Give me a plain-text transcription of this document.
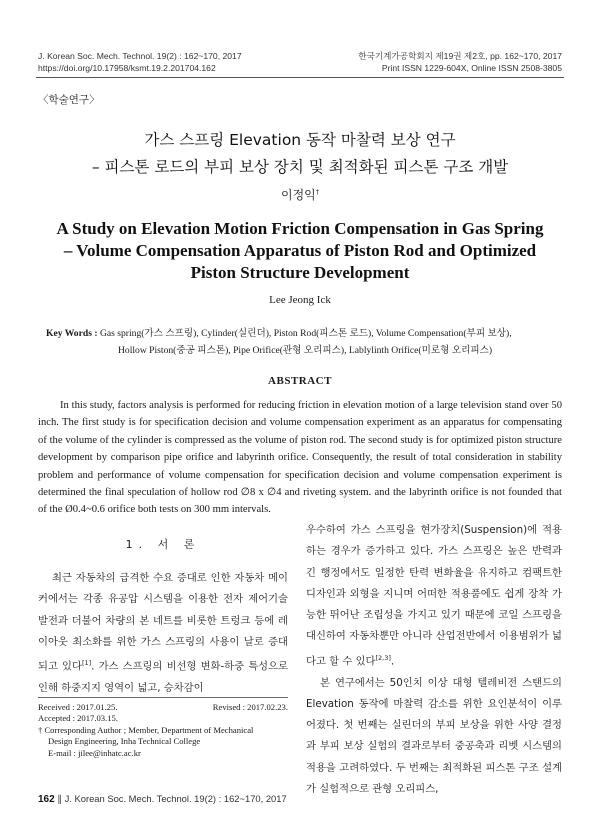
J. Korean Soc. Mech. Technol. 19(2) : 162~170, 2017
https://doi.org/10.17958/ksmt.19.2.201704.162
한국기계가공학회지 제19권 제2호, pp. 162~170, 2017
Print ISSN 1229-604X, Online ISSN 2508-3805
〈학술연구〉
가스 스프링 Elevation 동작 마찰력 보상 연구
– 피스톤 로드의 부피 보상 장치 및 최적화된 피스톤 구조 개발
이정익†
A Study on Elevation Motion Friction Compensation in Gas Spring
– Volume Compensation Apparatus of Piston Rod and Optimized
Piston Structure Development
Lee Jeong Ick
Key Words : Gas spring(가스 스프링), Cylinder(실린더), Piston Rod(피스톤 로드), Volume Compensation(부피 보상),
Hollow Piston(중공 피스톤), Pipe Orifice(관형 오리피스), Lablylinth Orifice(미로형 오리피스)
ABSTRACT
In this study, factors analysis is performed for reducing friction in elevation motion of a large television stand over 50 inch. The first study is for specification decision and volume compensation experiment as an apparatus for compensating of the volume of the cylinder is compressed as the volume of piston rod. The second study is for optimized piston structure development by comparison pipe orifice and labyrinth orifice. Consequently, the result of total consideration in stability problem and performance of volume compensation for specification decision and volume compensation experiment is determined the final speculation of hollow rod ∅8 x ∅4 and riveting system. and the labyrinth orifice is not founded that of the Ø0.4~0.6 orifice both tests on 300 mm intervals.
1. 서 론
최근 자동차의 급격한 수요 증대로 인한 자동차 메이커에서는 각종 유공압 시스템을 이용한 전자 제어기술 발전과 더불어 차량의 본 네트를 비롯한 트렁크 등에 레이아웃 최소화를 위한 가스 스프링의 사용이 날로 증대되고 있다[1]. 가스 스프링의 비선형 변화-하중 특성으로 인해 하중지지 영역이 넓고, 승차감이
Received : 2017.01.25.	Revised : 2017.02.23.
Accepted : 2017.03.15.
† Corresponding Author ; Member, Department of Mechanical
Design Engineering, Inha Technical College
E-mail : jilee@inhatc.ac.kr
우수하여 가스 스프링을 현가장치(Suspension)에 적용하는 경우가 증가하고 있다. 가스 스프링은 높은 반력과 긴 행정에서도 일정한 탄력 변화율을 유지하고 컴팩트한 디자인과 외형을 지니며 어떠한 적용품에도 쉽게 장착 가능한 뛰어난 조립성을 가지고 있기 때문에 코일 스프링을 대신하여 자동차뿐만 아니라 산업전반에서 이용범위가 넓다고 할 수 있다[2,3].
본 연구에서는 50인치 이상 대형 텔레비전 스탠드의 Elevation 동작에 마찰력 감소를 위한 요인분석이 이루어졌다. 첫 번째는 실린더의 부피 보상을 위한 사양 결정과 부피 보상 실험의 결과로부터 중공축과 리벳 시스템의 적용을 고려하였다. 두 번째는 최적화된 피스톤 구조 설계가 실험적으로 관형 오리피스,
162 ∥ J. Korean Soc. Mech. Technol. 19(2) : 162~170, 2017
